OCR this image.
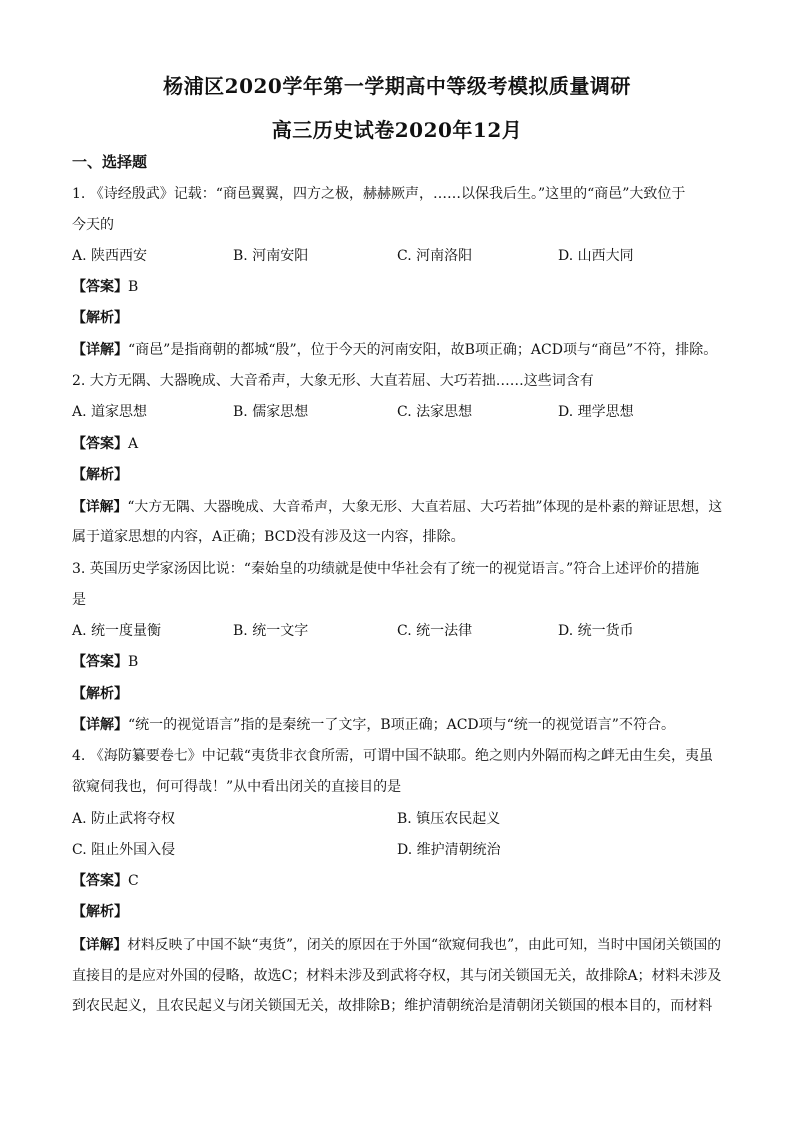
杨浦区2020学年第一学期高中等级考模拟质量调研
高三历史试卷2020年12月
一、选择题
1. 《诗经殷武》记载：“商邑翼翼，四方之极，赫赫厥声，……以保我后生。”这里的“商邑”大致位于
今天的
A. 陕西西安	B. 河南安阳	C. 河南洛阳	D. 山西大同
【答案】B
【解析】
【详解】“商邑”是指商朝的都城“殷”，位于今天的河南安阳，故B项正确；ACD项与“商邑”不符，排除。
2. 大方无隅、大器晚成、大音希声，大象无形、大直若屈、大巧若拙……这些词含有
A. 道家思想	B. 儒家思想	C. 法家思想	D. 理学思想
【答案】A
【解析】
【详解】“大方无隅、大器晚成、大音希声，大象无形、大直若屈、大巧若拙”体现的是朴素的辩证思想，这
属于道家思想的内容，A正确；BCD没有涉及这一内容，排除。
3. 英国历史学家汤因比说：“秦始皇的功绩就是使中华社会有了统一的视觉语言。”符合上述评价的措施
是
A. 统一度量衡	B. 统一文字	C. 统一法律	D. 统一货币
【答案】B
【解析】
【详解】“统一的视觉语言”指的是秦统一了文字，B项正确；ACD项与“统一的视觉语言”不符合。
4. 《海防纂要卷七》中记载“夷货非衣食所需，可谓中国不缺耶。绝之则内外隔而构之衅无由生矣，夷虽
欲窥伺我也，何可得哉！”从中看出闭关的直接目的是
A. 防止武将夺权	B. 镇压农民起义
C. 阻止外国入侵	D. 维护清朝统治
【答案】C
【解析】
【详解】材料反映了中国不缺“夷货”，闭关的原因在于外国“欲窥伺我也”，由此可知，当时中国闭关锁国的
直接目的是应对外国的侵略，故选C；材料未涉及到武将夺权，其与闭关锁国无关，故排除A；材料未涉及
到农民起义，且农民起义与闭关锁国无关，故排除B；维护清朝统治是清朝闭关锁国的根本目的，而材料
